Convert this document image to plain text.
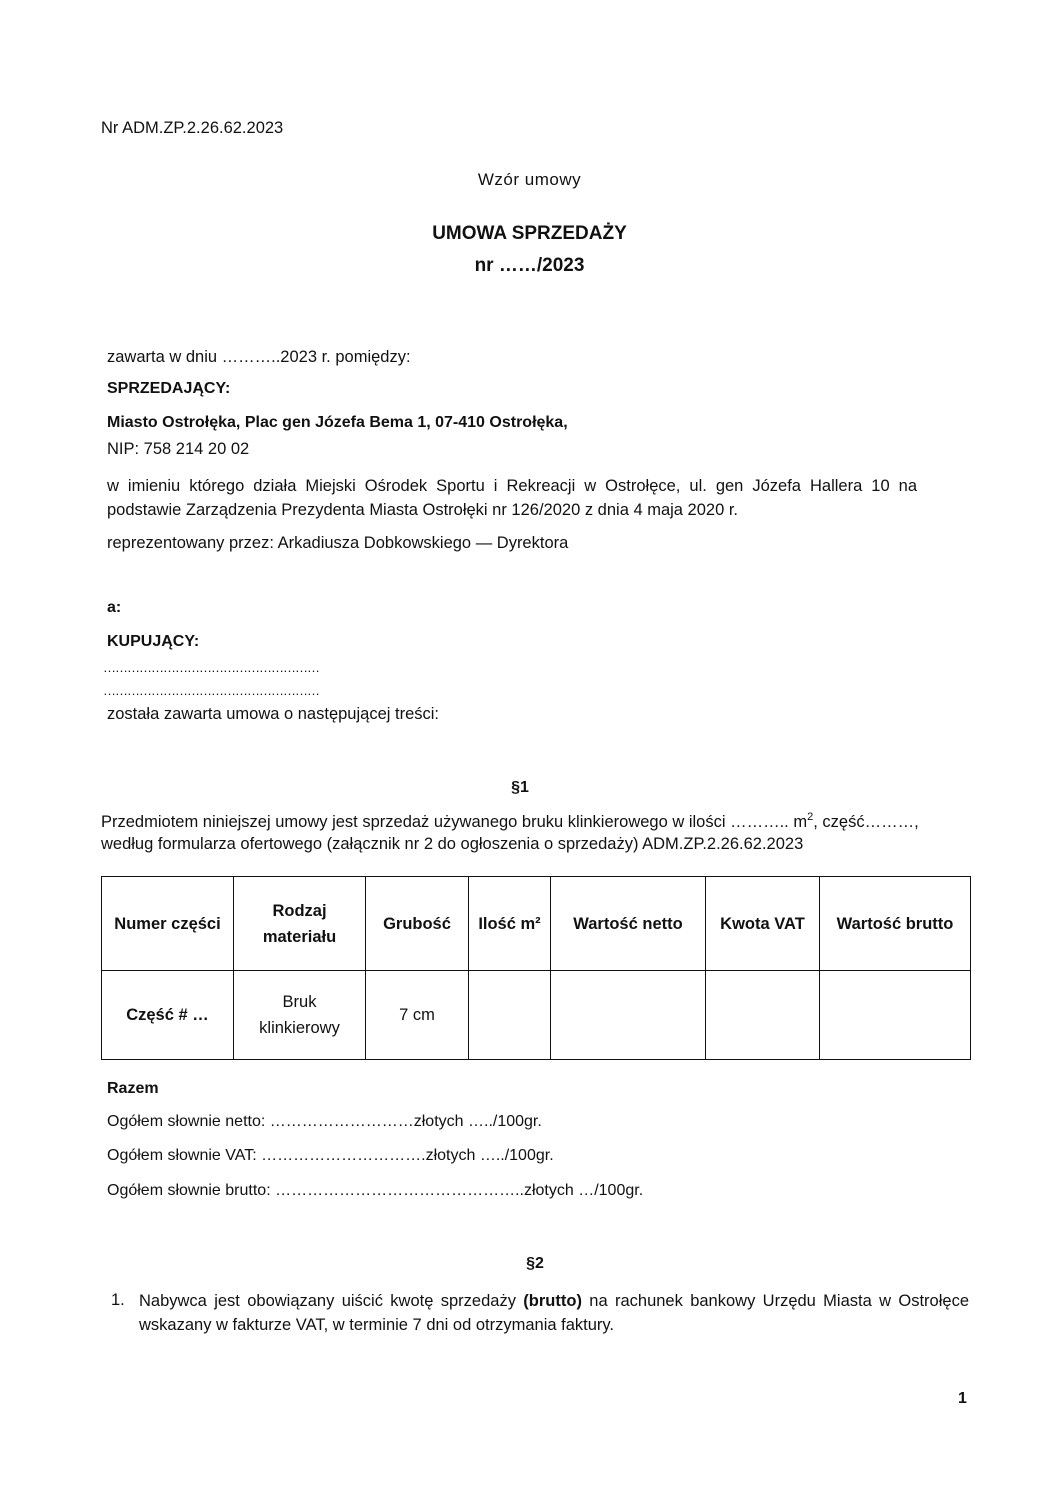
Nr ADM.ZP.2.26.62.2023
Wzór umowy
UMOWA SPRZEDAŻY
nr ……/2023
zawarta w dniu ………..2023 r. pomiędzy:
SPRZEDAJĄCY:
Miasto Ostrołęka, Plac gen Józefa Bema 1, 07-410 Ostrołęka,
NIP: 758 214 20 02
w imieniu którego działa Miejski Ośrodek Sportu i Rekreacji w Ostrołęce, ul. gen Józefa Hallera 10 na podstawie Zarządzenia Prezydenta Miasta Ostrołęki nr 126/2020 z dnia 4 maja 2020 r.
reprezentowany przez: Arkadiusza Dobkowskiego — Dyrektora
a:
KUPUJĄCY:
………………………………………………
………………………………………………
została zawarta umowa o następującej treści:
§1
Przedmiotem niniejszej umowy jest sprzedaż używanego bruku klinkierowego w ilości ……….. $m^2$, część………,
według formularza ofertowego (załącznik nr 2 do ogłoszenia o sprzedaży) ADM.ZP.2.26.62.2023
Numer części	Rodzaj materiału	Grubość	Ilość m²	Wartość netto	Kwota VAT	Wartość brutto
Część # …	Bruk klinkierowy	7 cm				
Razem
Ogółem słownie netto: ………………………złotych …../100gr.
Ogółem słownie VAT: ………………………….złotych …../100gr.
Ogółem słownie brutto: ………………………………………..złotych …/100gr.
§2
1. Nabywca jest obowiązany uiścić kwotę sprzedaży (brutto) na rachunek bankowy Urzędu Miasta w Ostrołęce wskazany w fakturze VAT, w terminie 7 dni od otrzymania faktury.
1
